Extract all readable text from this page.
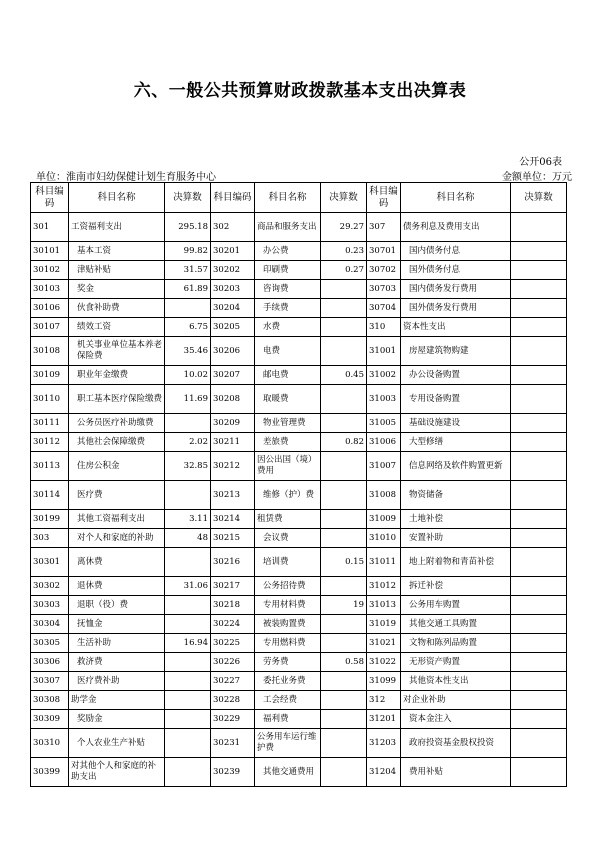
六、一般公共预算财政拨款基本支出决算表
公开06表
单位：淮南市妇幼保健计划生育服务中心	金额单位：万元
科目编码	科目名称	决算数	科目编码	科目名称	决算数	科目编码	科目名称	决算数
301	工资福利支出	295.18	302	商品和服务支出	29.27	307	债务利息及费用支出	
30101	基本工资	99.82	30201	办公费	0.23	30701	国内债务付息	
30102	津贴补贴	31.57	30202	印刷费	0.27	30702	国外债务付息	
30103	奖金	61.89	30203	咨询费		30703	国内债务发行费用	
30106	伙食补助费		30204	手续费		30704	国外债务发行费用	
30107	绩效工资	6.75	30205	水费		310	资本性支出	
30108	机关事业单位基本养老保险费	35.46	30206	电费		31001	房屋建筑物购建	
30109	职业年金缴费	10.02	30207	邮电费	0.45	31002	办公设备购置	
30110	职工基本医疗保险缴费	11.69	30208	取暖费		31003	专用设备购置	
30111	公务员医疗补助缴费		30209	物业管理费		31005	基础设施建设	
30112	其他社会保障缴费	2.02	30211	差旅费	0.82	31006	大型修缮	
30113	住房公积金	32.85	30212	因公出国（境）费用		31007	信息网络及软件购置更新	
30114	医疗费		30213	维修（护）费		31008	物资储备	
30199	其他工资福利支出	3.11	30214	租赁费		31009	土地补偿	
303	对个人和家庭的补助	48	30215	会议费		31010	安置补助	
30301	离休费		30216	培训费	0.15	31011	地上附着物和青苗补偿	
30302	退休费	31.06	30217	公务招待费		31012	拆迁补偿	
30303	退职（役）费		30218	专用材料费	19	31013	公务用车购置	
30304	抚恤金		30224	被装购置费		31019	其他交通工具购置	
30305	生活补助	16.94	30225	专用燃料费		31021	文物和陈列品购置	
30306	救济费		30226	劳务费	0.58	31022	无形资产购置	
30307	医疗费补助		30227	委托业务费		31099	其他资本性支出	
30308	助学金		30228	工会经费		312	对企业补助	
30309	奖励金		30229	福利费		31201	资本金注入	
30310	个人农业生产补贴		30231	公务用车运行维护费		31203	政府投资基金股权投资	
30399	对其他个人和家庭的补助支出		30239	其他交通费用		31204	费用补贴	
